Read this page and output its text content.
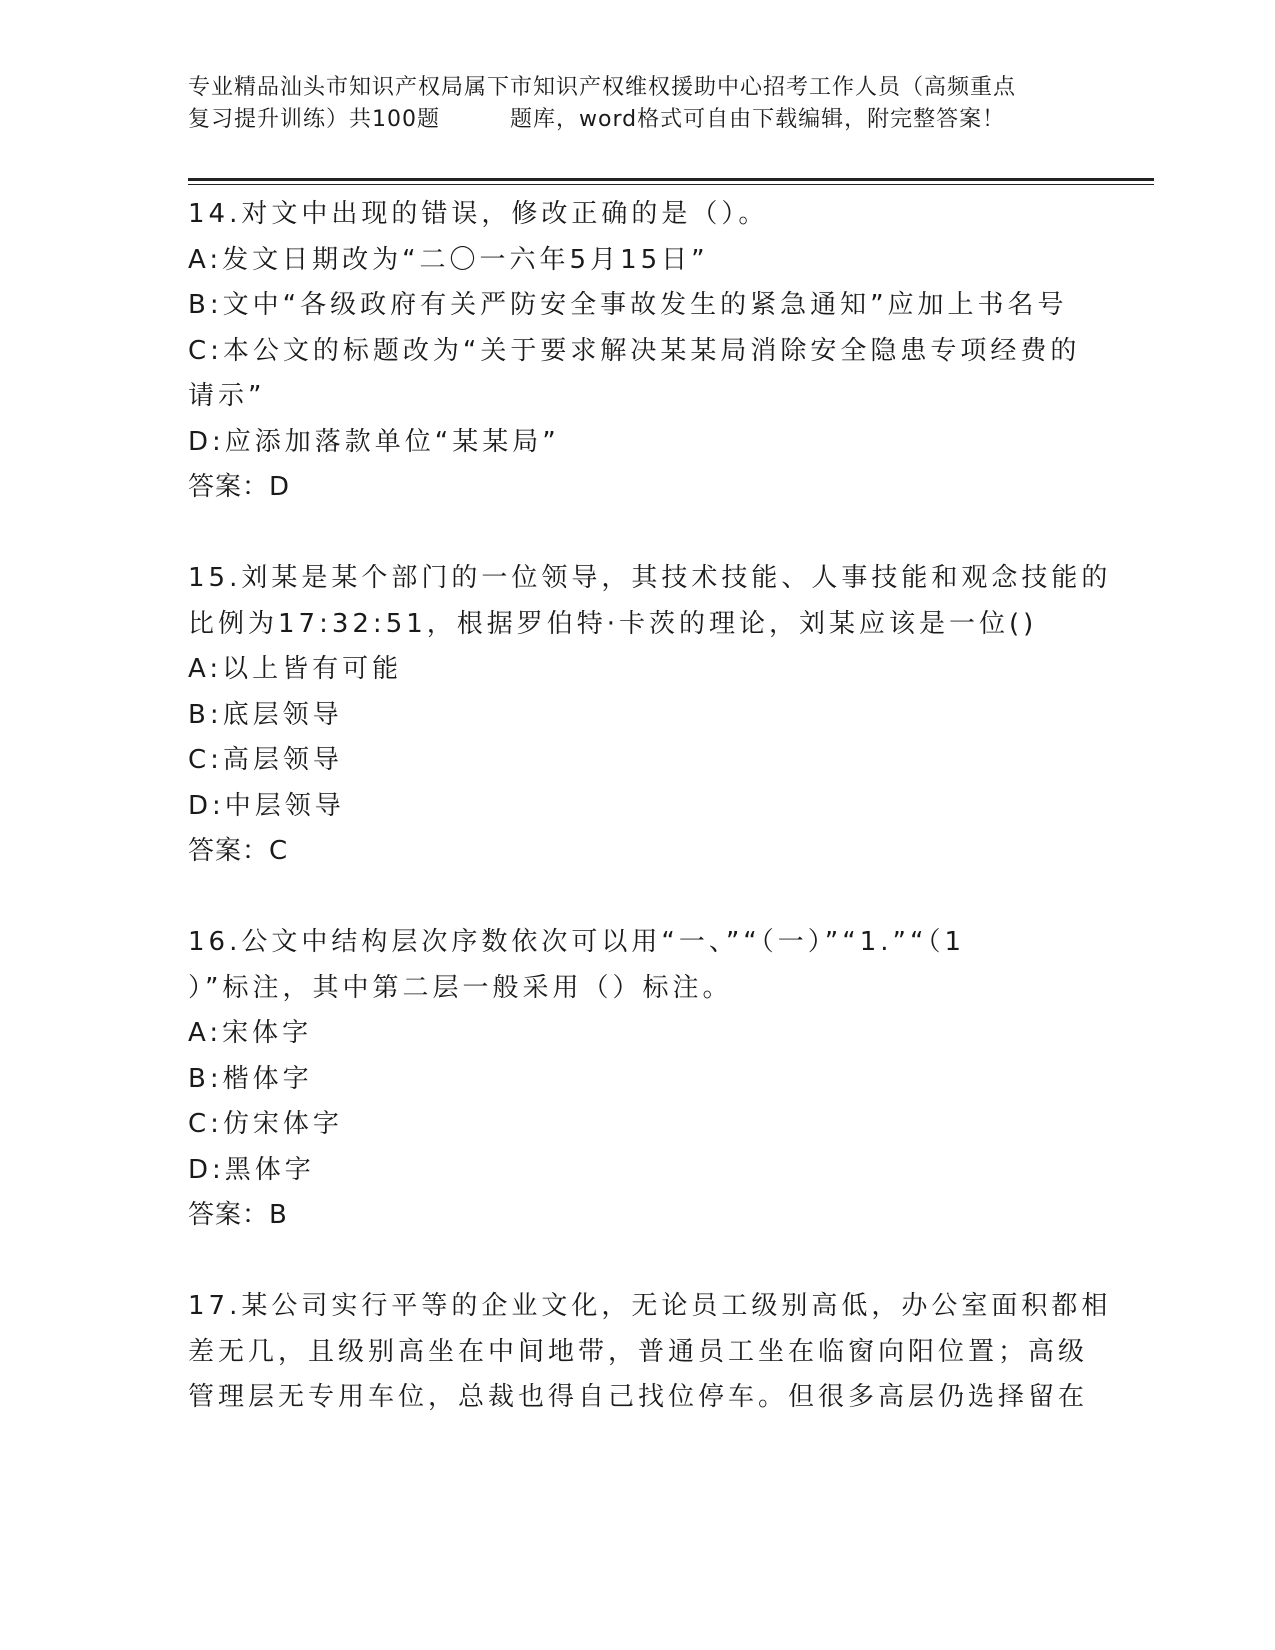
专业精品汕头市知识产权局属下市知识产权维权援助中心招考工作人员（高频重点
复习提升训练）共100题	题库，word格式可自由下载编辑，附完整答案！
14.对文中出现的错误，修改正确的是（）。
A:发文日期改为“二〇一六年5月15日”
B:文中“各级政府有关严防安全事故发生的紧急通知”应加上书名号
C:本公文的标题改为“关于要求解决某某局消除安全隐患专项经费的
请示”
D:应添加落款单位“某某局”
答案：D
15.刘某是某个部门的一位领导，其技术技能、人事技能和观念技能的
比例为17:32:51，根据罗伯特·卡茨的理论，刘某应该是一位()
A:以上皆有可能
B:底层领导
C:高层领导
D:中层领导
答案：C
16.公文中结构层次序数依次可以用“一、”“（一）”“1.”“（1
）”标注，其中第二层一般采用（）标注。
A:宋体字
B:楷体字
C:仿宋体字
D:黑体字
答案：B
17.某公司实行平等的企业文化，无论员工级别高低，办公室面积都相
差无几，且级别高坐在中间地带，普通员工坐在临窗向阳位置；高级
管理层无专用车位，总裁也得自己找位停车。但很多高层仍选择留在
